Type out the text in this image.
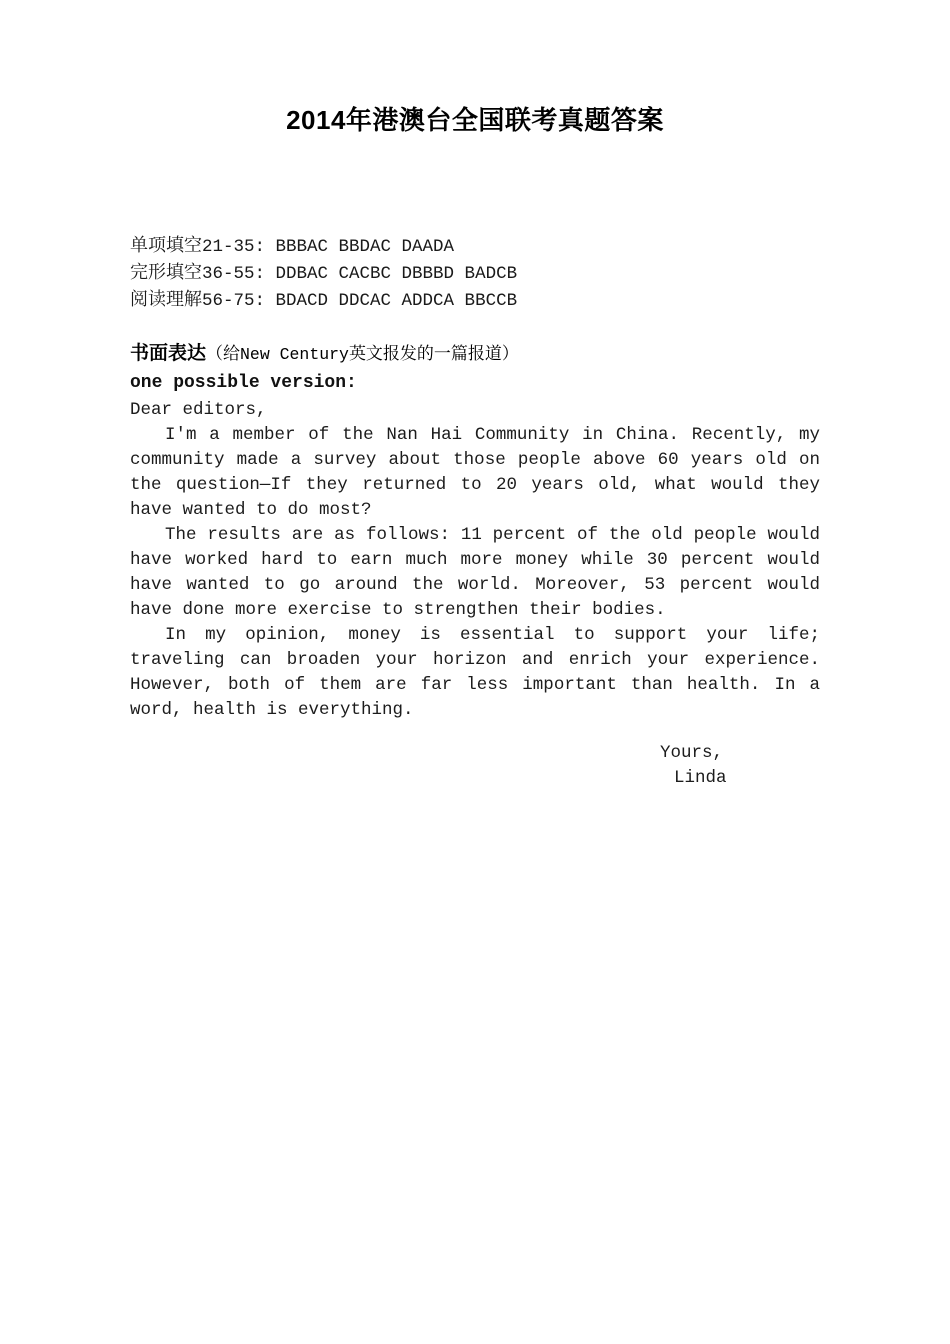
2014年港澳台全国联考真题答案
单项填空21-35: BBBAC BBDAC DAADA
完形填空36-55: DDBAC CACBC DBBBD BADCB
阅读理解56-75: BDACD DDCAC ADDCA BBCCB
书面表达（给New Century英文报发的一篇报道）
one possible version:
Dear editors,

I'm a member of the Nan Hai Community in China. Recently, my community made a survey about those people above 60 years old on the question—If they returned to 20 years old, what would they have wanted to do most?

The results are as follows: 11 percent of the old people would have worked hard to earn much more money while 30 percent would have wanted to go around the world. Moreover, 53 percent would have done more exercise to strengthen their bodies.

In my opinion, money is essential to support your life; traveling can broaden your horizon and enrich your experience. However, both of them are far less important than health. In a word, health is everything.

Yours,
Linda
